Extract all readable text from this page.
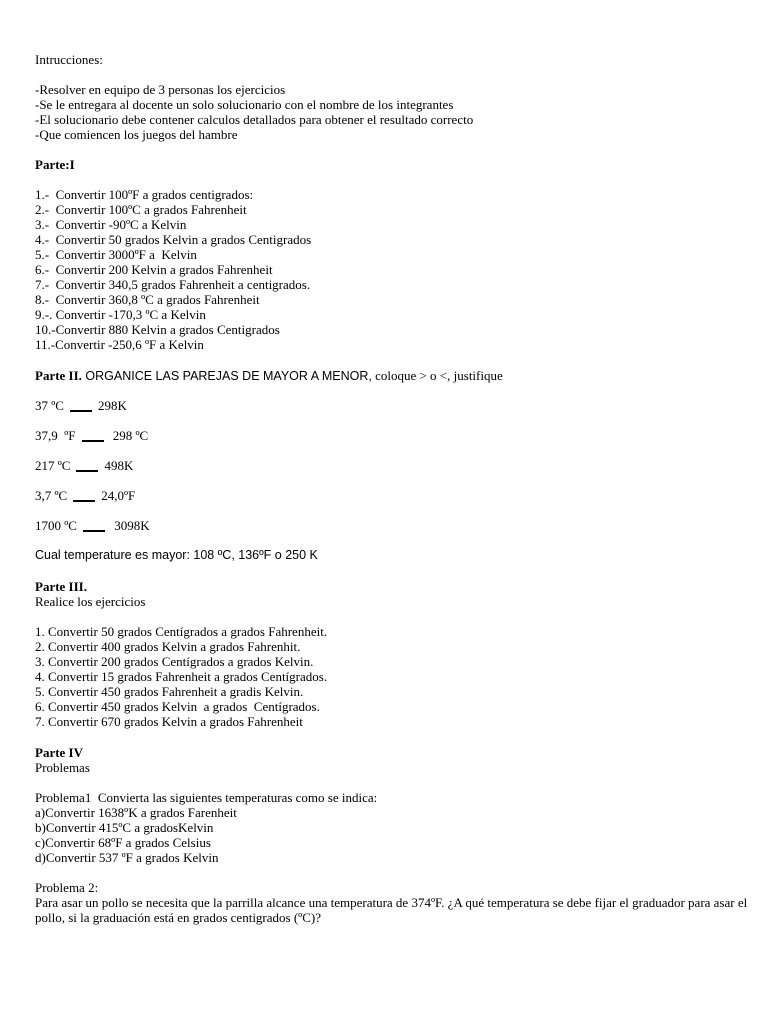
Intrucciones:
-Resolver en equipo de 3 personas los ejercicios
-Se le entregara al docente un solo solucionario con el nombre de los integrantes
-El solucionario debe contener calculos detallados para obtener el resultado correcto
-Que comiencen los juegos del hambre
Parte:I
1.-  Convertir 100ºF a grados centigrados:
2.-  Convertir 100ºC a grados Fahrenheit
3.-  Convertir -90ºC a Kelvin
4.-  Convertir 50 grados Kelvin a grados Centigrados
5.-  Convertir 3000ºF a  Kelvin
6.-  Convertir 200 Kelvin a grados Fahrenheit
7.-  Convertir 340,5 grados Fahrenheit a centigrados.
8.-  Convertir 360,8 ºC a grados Fahrenheit
9.-. Convertir -170,3 ºC a Kelvin
10.-Convertir 880 Kelvin a grados Centigrados
11.-Convertir -250,6 ºF a Kelvin
Parte II. ORGANICE LAS PAREJAS DE MAYOR A MENOR, coloque > o <, justifique
37 ºC	298K
37,9  ºF	298 ºC
217 ºC	498K
3,7 ºC	24,0ºF
1700 ºC	3098K
Cual temperature es mayor: 108 ºC, 136ºF o 250 K
Parte III.
Realice los ejercicios
1. Convertir 50 grados Centígrados a grados Fahrenheit.
2. Convertir 400 grados Kelvin a grados Fahrenhit.
3. Convertir 200 grados Centígrados a grados Kelvin.
4. Convertir 15 grados Fahrenheit a grados Centígrados.
5. Convertir 450 grados Fahrenheit a gradis Kelvin.
6. Convertir 450 grados Kelvin  a grados  Centígrados.
7. Convertir 670 grados Kelvin a grados Fahrenheit
Parte IV
Problemas
Problema1  Convierta las siguientes temperaturas como se indica:
a)Convertir 1638ºK a grados Farenheit
b)Convertir 415ºC a gradosKelvin
c)Convertir 68ºF a grados Celsius
d)Convertir 537 ºF a grados Kelvin
Problema 2:
Para asar un pollo se necesita que la parrilla alcance una temperatura de 374ºF. ¿A qué temperatura se debe fijar el graduador para asar el pollo, si la graduación está en grados centigrados (ºC)?
